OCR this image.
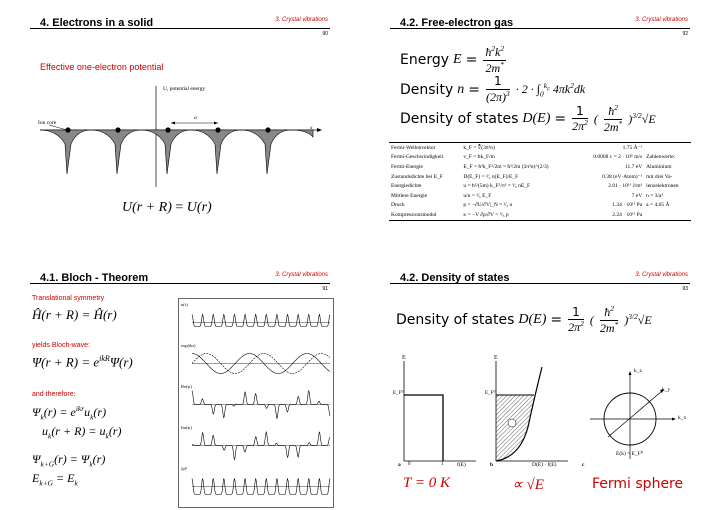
4. Electrons in a solid	3. Crystal vibrations
90
Effective one-electron potential
U, potential energy
Ion core
a
x
U(r + R) = U(r)
4.2. Free-electron gas	3. Crystal vibrations
92
Energy $E = \frac{ħ^2k^2}{2m^*}$
Density $n = \frac{1}{(2\pi)^3} \cdot 2 \cdot \int_0^{k_F}$ $4\pi k^2dk$
Density of states $D(E) = \frac{1}{2\pi^2}$ ( $\frac{ħ^2}{2m^*} )^{3/2}√E$
Fermi-Wellenvektor	k_F = ∛(3π²n)	1.75 Å⁻¹	
Fermi-Geschwindigkeit	v_F = ħk_F/m	0.0068 c = 2 · 10⁶ m/s	Zahlenwerte:
Fermi-Energie	E_F = ħ²k_F²/2m = ħ²/2m (3π²n)^(2/3)	11.7 eV	Aluminium
Zustandsdichte bei E_F	D(E_F) = ³⁄₂ n(E_F)/E_F	0.38 (eV·Atom)⁻¹	mit drei Va-
Energiedichte	u = ħ²/(5m) k_F⁵/π² = ³⁄₅ nE_F	2.01 · 10¹¹ J/m³	lenzelektronen
Mittlere Energie	u/n = ³⁄₅ E_F	7 eV	n = 3/a³
Druck	p = −∂U/∂V|_N = ²⁄₃ u	1.34 · 10¹¹ Pa	a = 4.05 Å
Kompressionsmodul	κ = −V ∂p/∂V = ⁵⁄₃ p	2.24 · 10¹¹ Pa	
4.1. Bloch - Theorem	3. Crystal vibrations
91
Translational symmetry
Ĥ(r + R) = Ĥ(r)
yields Bloch-wave:
$\Psi(r + R) = e^{ikR}\Psi(r)$
and therefore:
$\Psi_k(r) = e^{ikr}u_k(r)$
$u_k(r + R) = u_k(r)$
$\Psi_{k+G}(r) = \Psi_k(r)$
$E_{k+G} = E_k$
u(r)
exp(ikr)
Re(ψ)
Im(ψ)
|ψ|²
4.2. Density of states	3. Crystal vibrations
93
Density of states $D(E) = \frac{1}{2\pi^2}$ ( $\frac{ħ^2}{2m^*} )^{3/2}√E$
E
E_F⁰
f(E)
0	1
a
E
E_F⁰
D(E) · f(E)
b
k_y
k_x
k_z
E(k) = E_F⁰
c
T = 0 K	∝ √E	Fermi sphere
